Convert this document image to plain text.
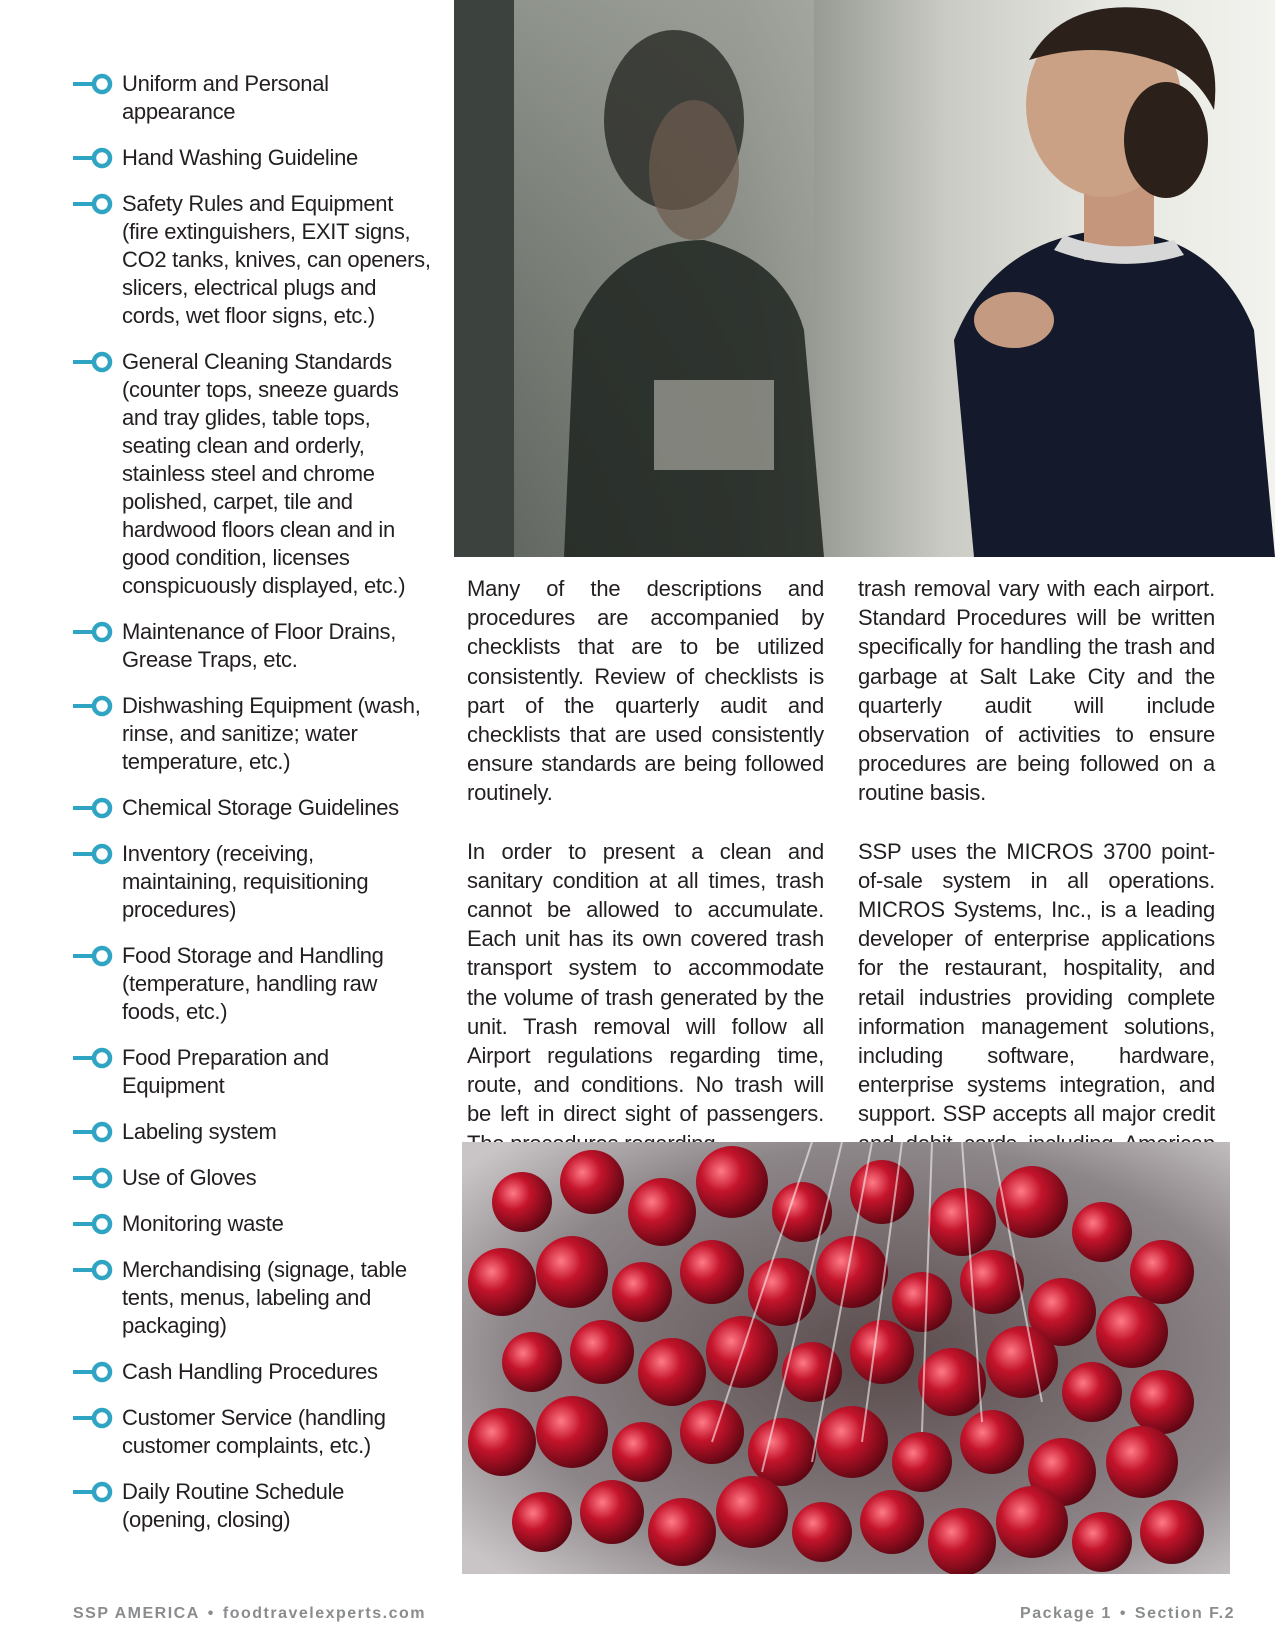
Uniform and Personal appearance
Hand Washing Guideline
Safety Rules and Equipment (fire extinguishers, EXIT signs, CO2 tanks, knives, can openers, slicers, electrical plugs and cords, wet floor signs, etc.)
General Cleaning Standards (counter tops, sneeze guards and tray glides, table tops, seating clean and orderly, stainless steel and chrome polished, carpet, tile and hardwood floors clean and in good condition, licenses conspicuously displayed, etc.)
Maintenance of Floor Drains, Grease Traps, etc.
Dishwashing Equipment (wash, rinse, and sanitize; water temperature, etc.)
Chemical Storage Guidelines
Inventory (receiving, maintaining, requisitioning procedures)
Food Storage and Handling (temperature, handling raw foods, etc.)
Food Preparation and Equipment
Labeling system
Use of Gloves
Monitoring waste
Merchandising (signage, table tents, menus, labeling and packaging)
Cash Handling Procedures
Customer Service (handling customer complaints, etc.)
Daily Routine Schedule (opening, closing)

Many of the descriptions and procedures are accompanied by checklists that are to be utilized consistently. Review of checklists is part of the quarterly audit and checklists that are used consistently ensure standards are being followed routinely.

In order to present a clean and sanitary condition at all times, trash cannot be allowed to accumulate. Each unit has its own covered trash transport system to accommodate the volume of trash generated by the unit. Trash removal will follow all Airport regulations regarding time, route, and conditions. No trash will be left in direct sight of passengers.

trash removal vary with each airport. Standard Procedures will be written specifically for handling the trash and garbage at Salt Lake City and the quarterly audit will include observation of activities to ensure procedures are being followed on a routine basis.

SSP uses the MICROS 3700 point-of-sale system in all operations. MICROS Systems, Inc., is a leading developer of enterprise applications for the restaurant, hospitality, and retail industries providing complete information management solutions, including software, hardware, enterprise systems integration, and support. SSP accepts all major credit

SSP AMERICA • foodtravelexperts.com	Package 1 • Section F.2
